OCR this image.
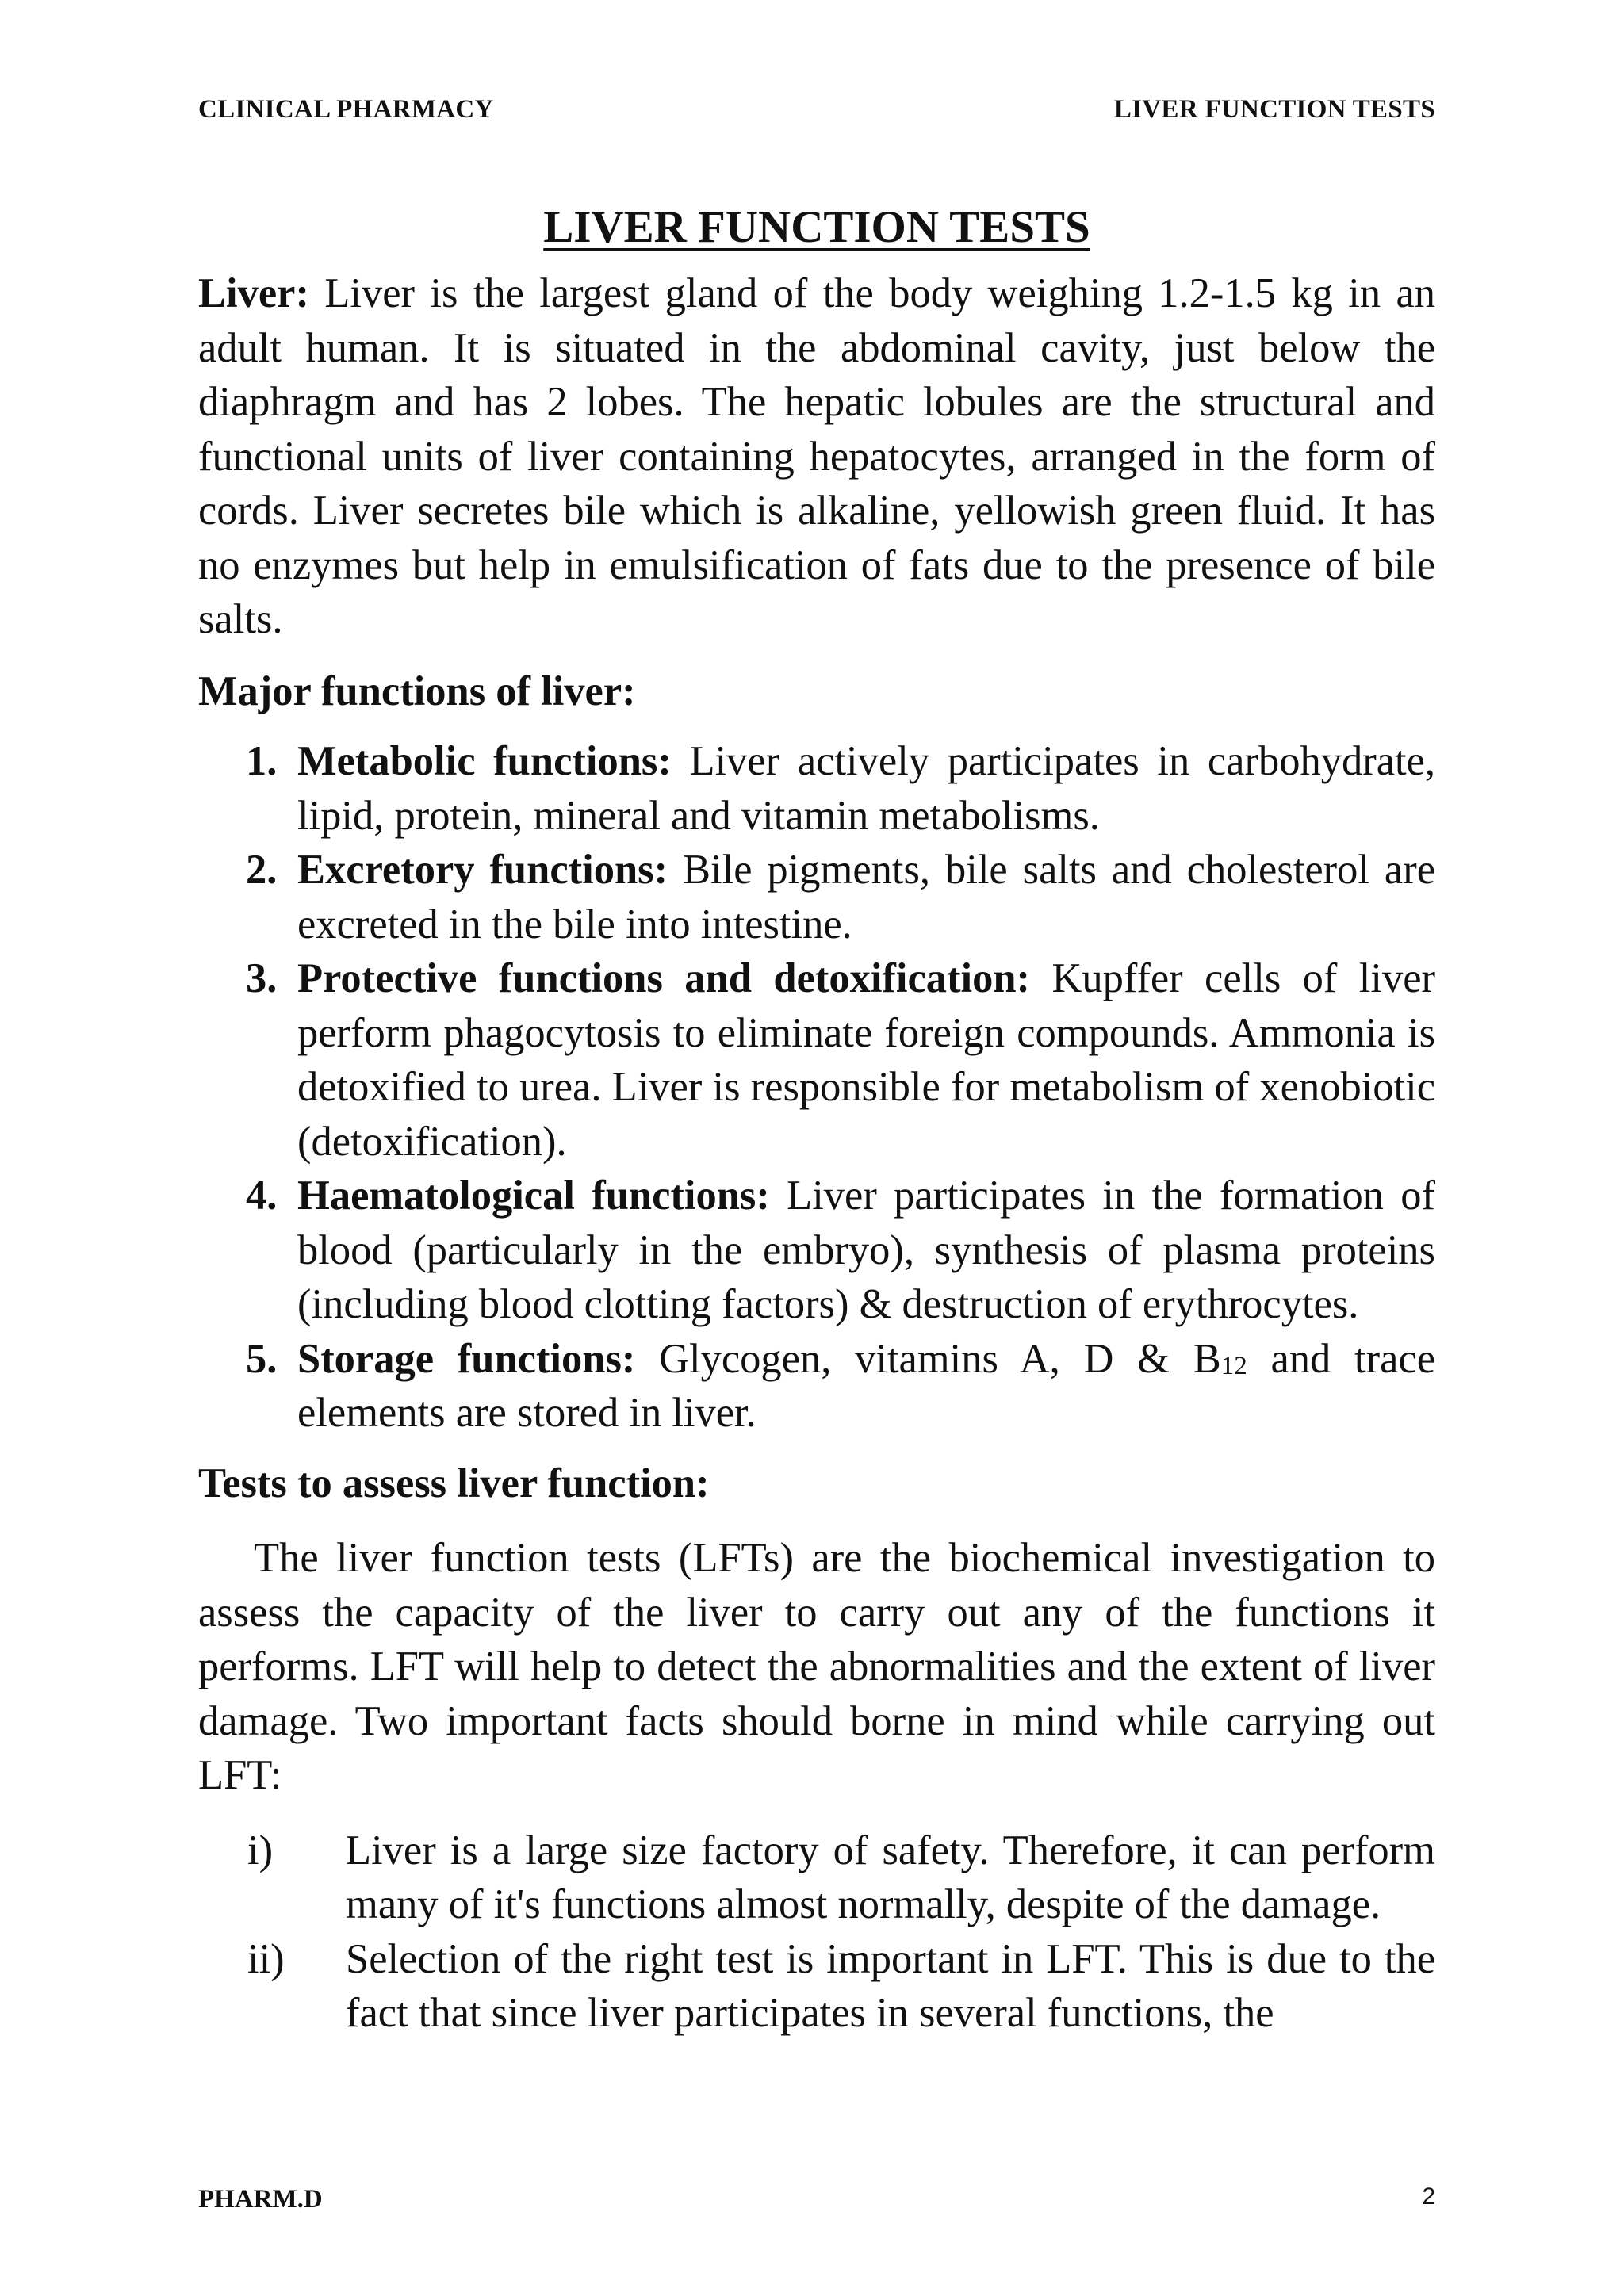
CLINICAL PHARMACY	LIVER FUNCTION TESTS
LIVER FUNCTION TESTS

Liver: Liver is the largest gland of the body weighing 1.2-1.5 kg in an adult human. It is situated in the abdominal cavity, just below the diaphragm and has 2 lobes. The hepatic lobules are the structural and functional units of liver containing hepatocytes, arranged in the form of cords. Liver secretes bile which is alkaline, yellowish green fluid. It has no enzymes but help in emulsification of fats due to the presence of bile salts.

Major functions of liver:
1. Metabolic functions: Liver actively participates in carbohydrate, lipid, protein, mineral and vitamin metabolisms.
2. Excretory functions: Bile pigments, bile salts and cholesterol are excreted in the bile into intestine.
3. Protective functions and detoxification: Kupffer cells of liver perform phagocytosis to eliminate foreign compounds. Ammonia is detoxified to urea. Liver is responsible for metabolism of xenobiotic (detoxification).
4. Haematological functions: Liver participates in the formation of blood (particularly in the embryo), synthesis of plasma proteins (including blood clotting factors) & destruction of erythrocytes.
5. Storage functions: Glycogen, vitamins A, D & $B_{12}$ and trace elements are stored in liver.
Tests to assess liver function:

The liver function tests (LFTs) are the biochemical investigation to assess the capacity of the liver to carry out any of the functions it performs. LFT will help to detect the abnormalities and the extent of liver damage. Two important facts should borne in mind while carrying out LFT:

i) Liver is a large size factory of safety. Therefore, it can perform many of it's functions almost normally, despite of the damage.
ii) Selection of the right test is important in LFT. This is due to the fact that since liver participates in several functions, the
PHARM.D	2
